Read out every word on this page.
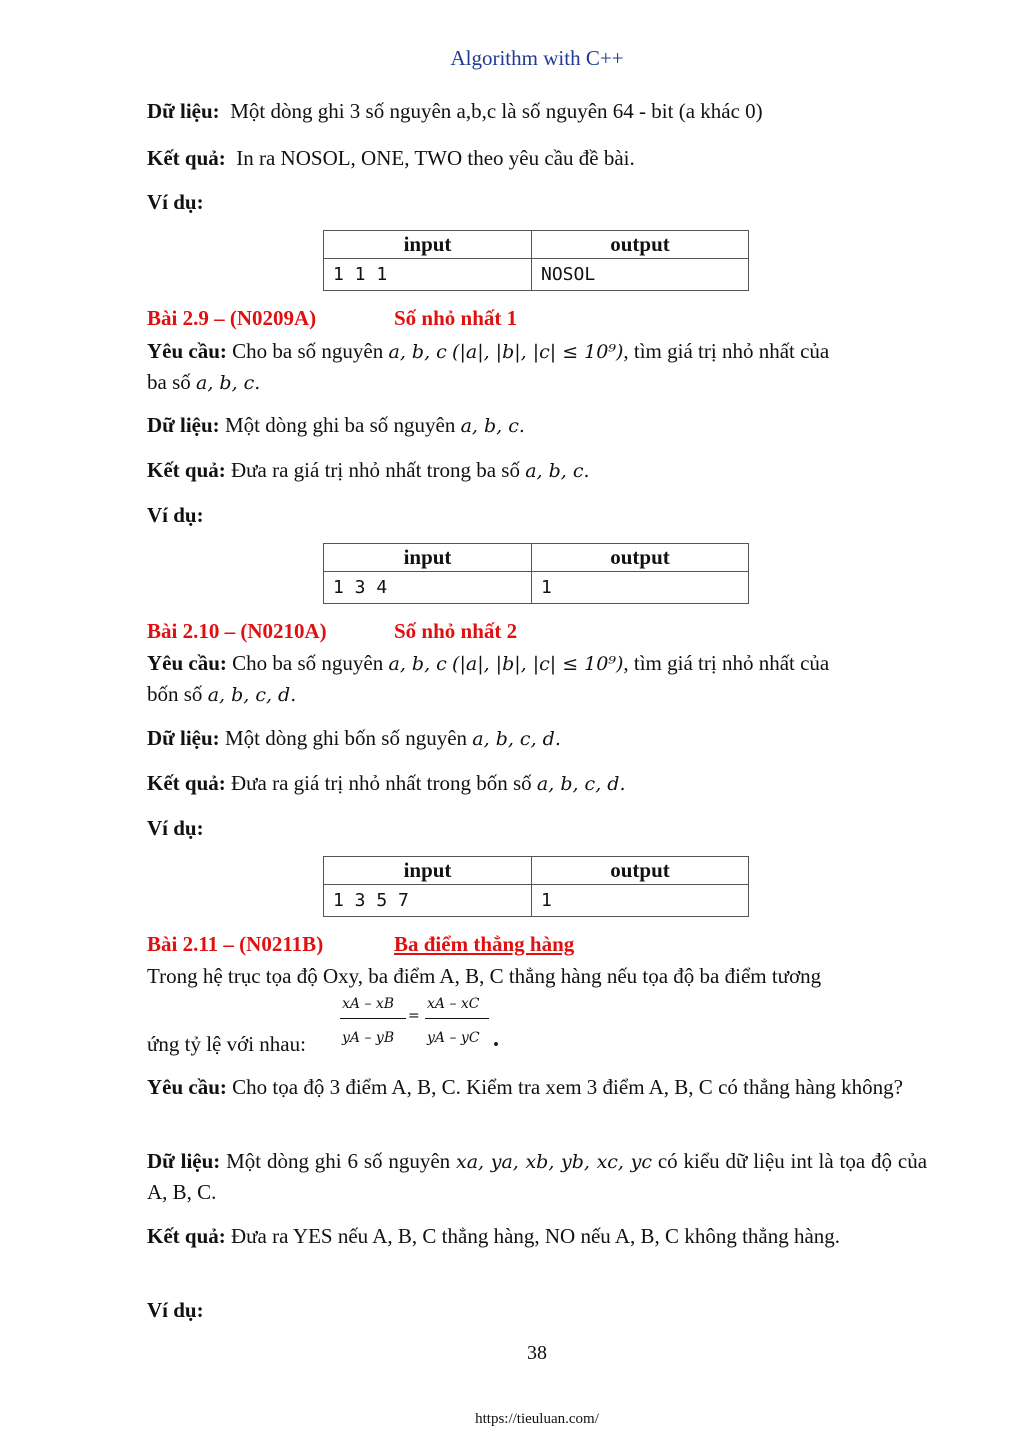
Algorithm with C++
Dữ liệu: Một dòng ghi 3 số nguyên a,b,c là số nguyên 64 - bit (a khác 0)
Kết quả: In ra NOSOL, ONE, TWO theo yêu cầu đề bài.
Ví dụ:
input	output
1 1 1	NOSOL
Bài 2.9 – (N0209A)	Số nhỏ nhất 1
Yêu cầu: Cho ba số nguyên a, b, c (|a|, |b|, |c| ≤ 10⁹), tìm giá trị nhỏ nhất của
ba số a, b, c.
Dữ liệu: Một dòng ghi ba số nguyên a, b, c.
Kết quả: Đưa ra giá trị nhỏ nhất trong ba số a, b, c.
Ví dụ:
input	output
1 3 4	1
Bài 2.10 – (N0210A)	Số nhỏ nhất 2
Yêu cầu: Cho ba số nguyên a, b, c (|a|, |b|, |c| ≤ 10⁹), tìm giá trị nhỏ nhất của
bốn số a, b, c, d.
Dữ liệu: Một dòng ghi bốn số nguyên a, b, c, d.
Kết quả: Đưa ra giá trị nhỏ nhất trong bốn số a, b, c, d.
Ví dụ:
input	output
1 3 5 7	1
Bài 2.11 – (N0211B)	Ba điểm thẳng hàng
Trong hệ trục tọa độ Oxy, ba điểm A, B, C thẳng hàng nếu tọa độ ba điểm tương
ứng tỷ lệ với nhau:
xA – xB
yA – yB
=
xA – xC
yA – yC .
Yêu cầu: Cho tọa độ 3 điểm A, B, C. Kiểm tra xem 3 điểm A, B, C có thẳng hàng không?
Dữ liệu: Một dòng ghi 6 số nguyên xa, ya, xb, yb, xc, yc có kiểu dữ liệu int là tọa độ của A, B, C.
Kết quả: Đưa ra YES nếu A, B, C thẳng hàng, NO nếu A, B, C không thẳng hàng.
Ví dụ:
38
https://tieuluan.com/
